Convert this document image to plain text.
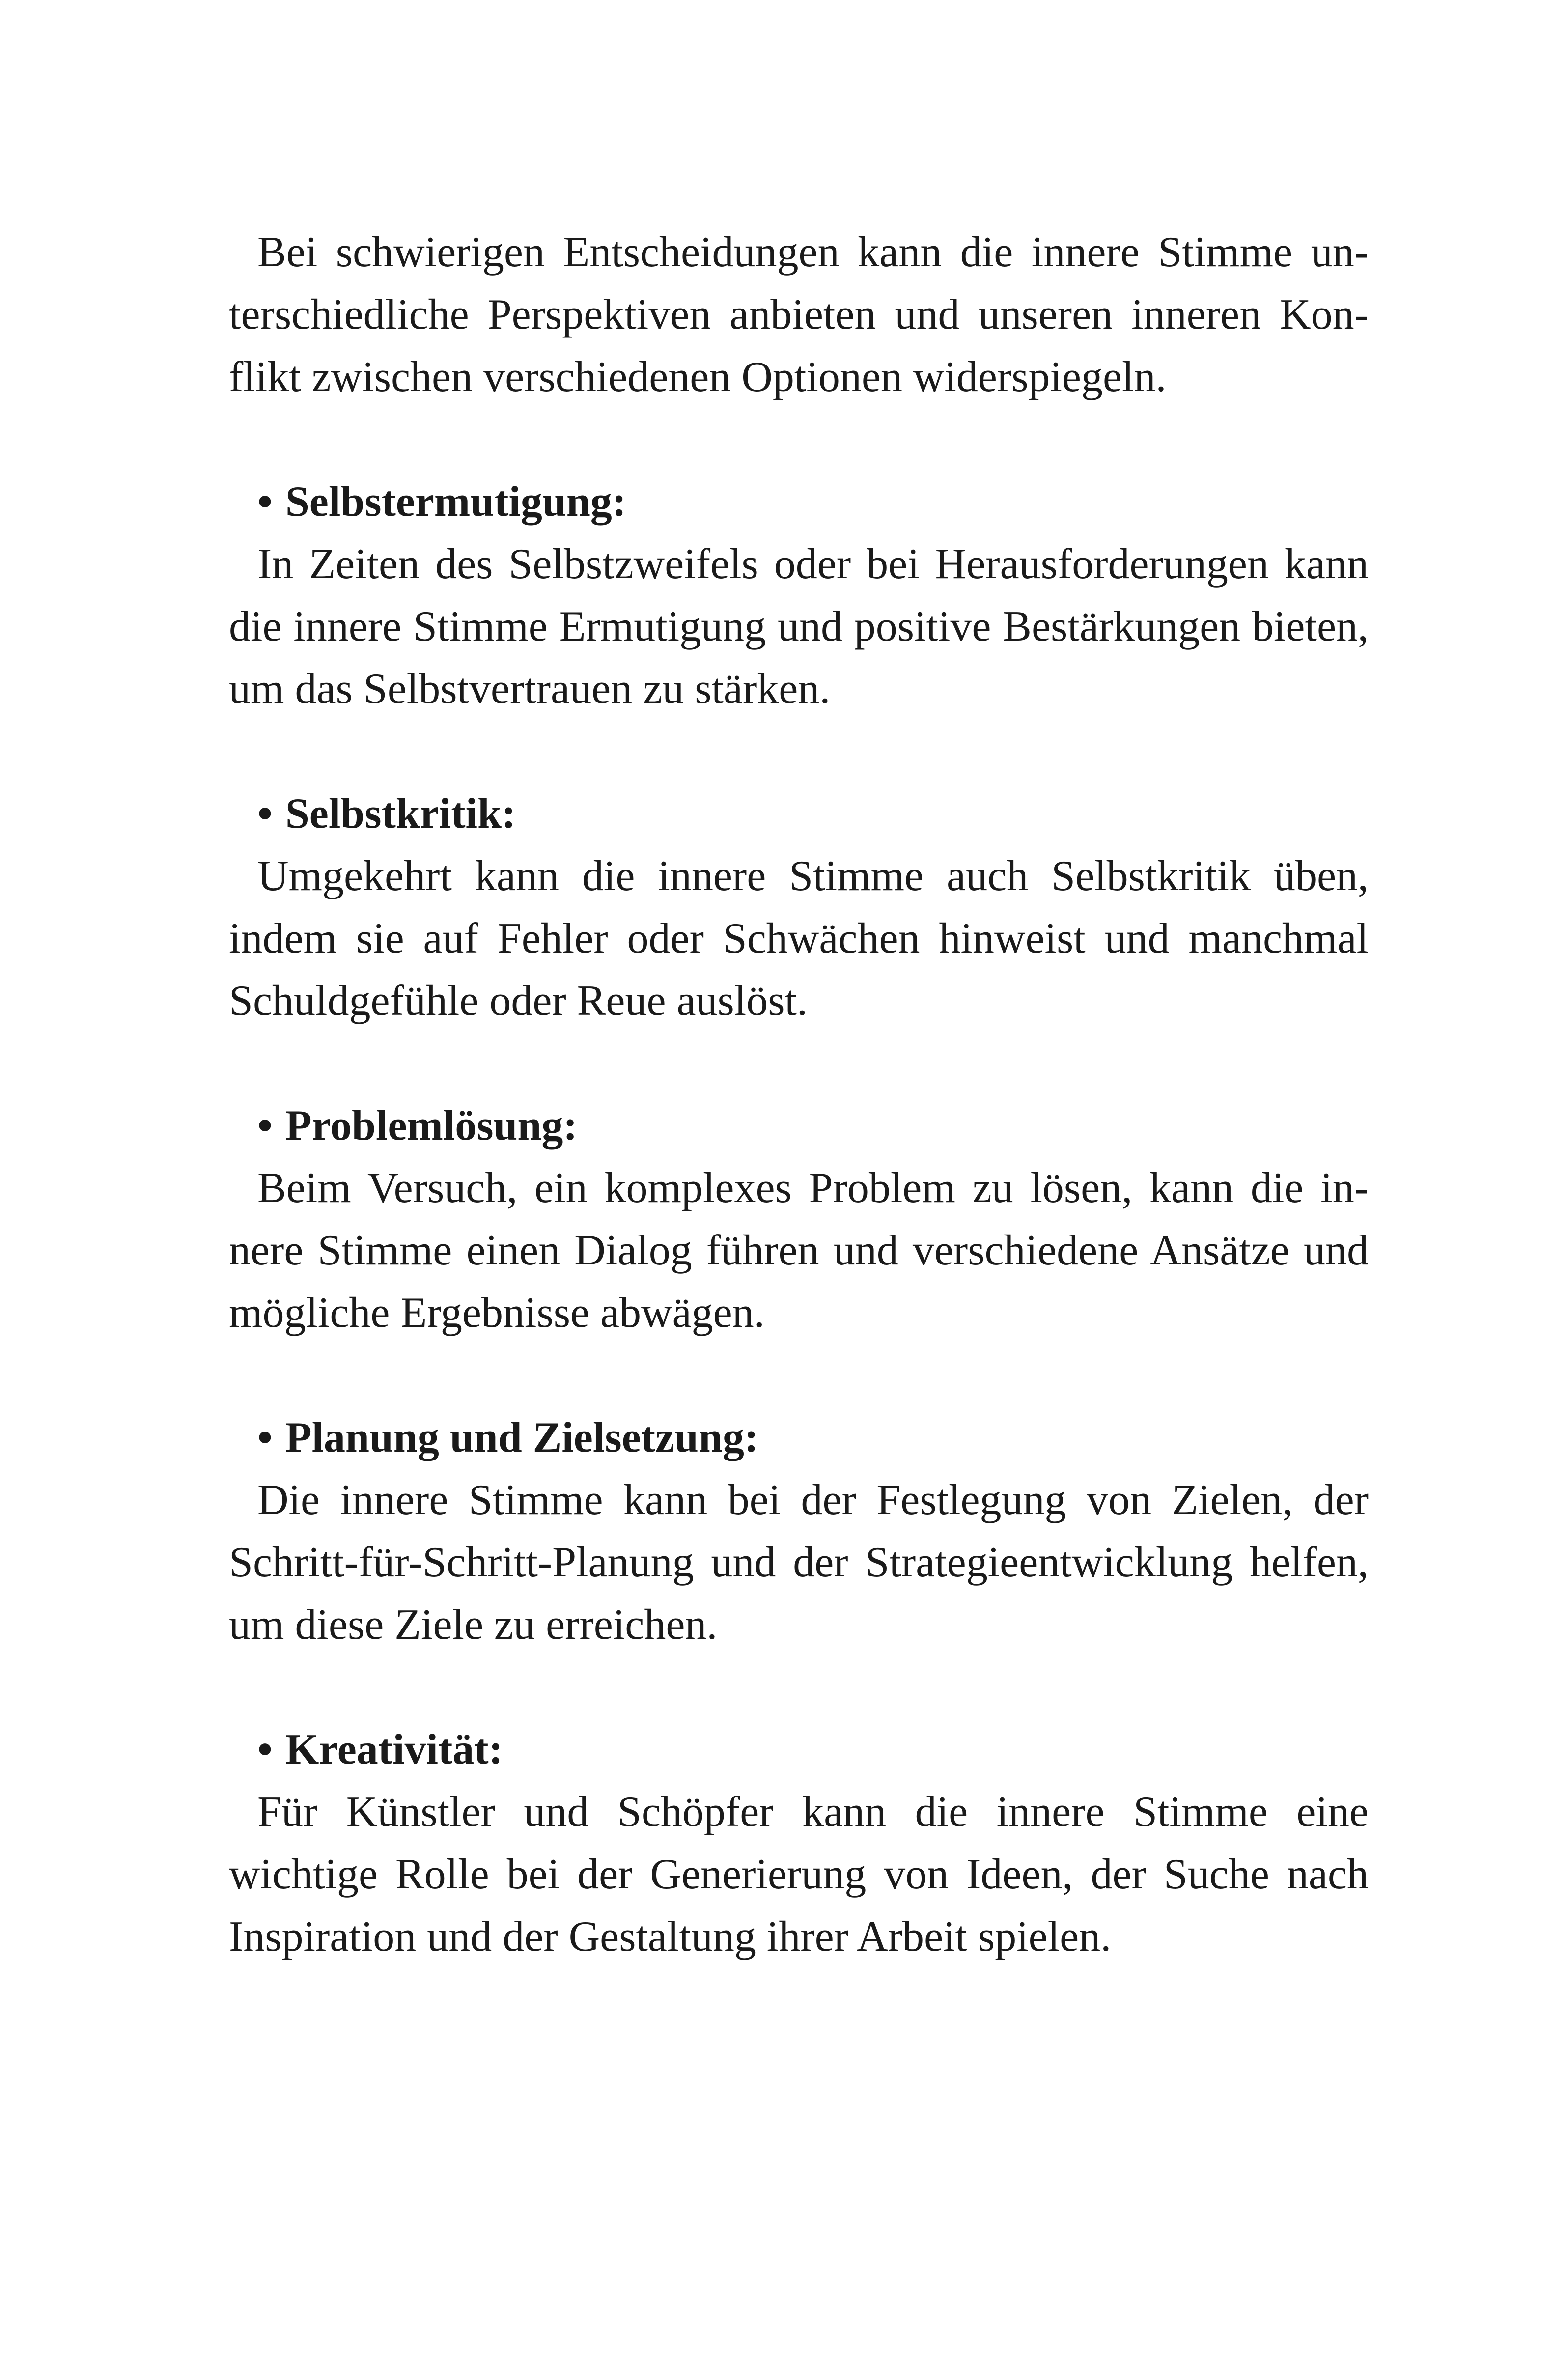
Bei schwierigen Entscheidungen kann die innere Stimme unterschiedliche Perspektiven anbieten und unseren inneren Konflikt zwischen verschiedenen Optionen widerspiegeln.

• Selbstermutigung:

In Zeiten des Selbstzweifels oder bei Herausforderungen kann die innere Stimme Ermutigung und positive Bestärkungen bieten, um das Selbstvertrauen zu stärken.

• Selbstkritik:

Umgekehrt kann die innere Stimme auch Selbstkritik üben, indem sie auf Fehler oder Schwächen hinweist und manchmal Schuldgefühle oder Reue auslöst.

• Problemlösung:

Beim Versuch, ein komplexes Problem zu lösen, kann die innere Stimme einen Dialog führen und verschiedene Ansätze und mögliche Ergebnisse abwägen.

• Planung und Zielsetzung:

Die innere Stimme kann bei der Festlegung von Zielen, der Schritt-für-Schritt-Planung und der Strategieentwicklung helfen, um diese Ziele zu erreichen.

• Kreativität:

Für Künstler und Schöpfer kann die innere Stimme eine wichtige Rolle bei der Generierung von Ideen, der Suche nach Inspiration und der Gestaltung ihrer Arbeit spielen.
